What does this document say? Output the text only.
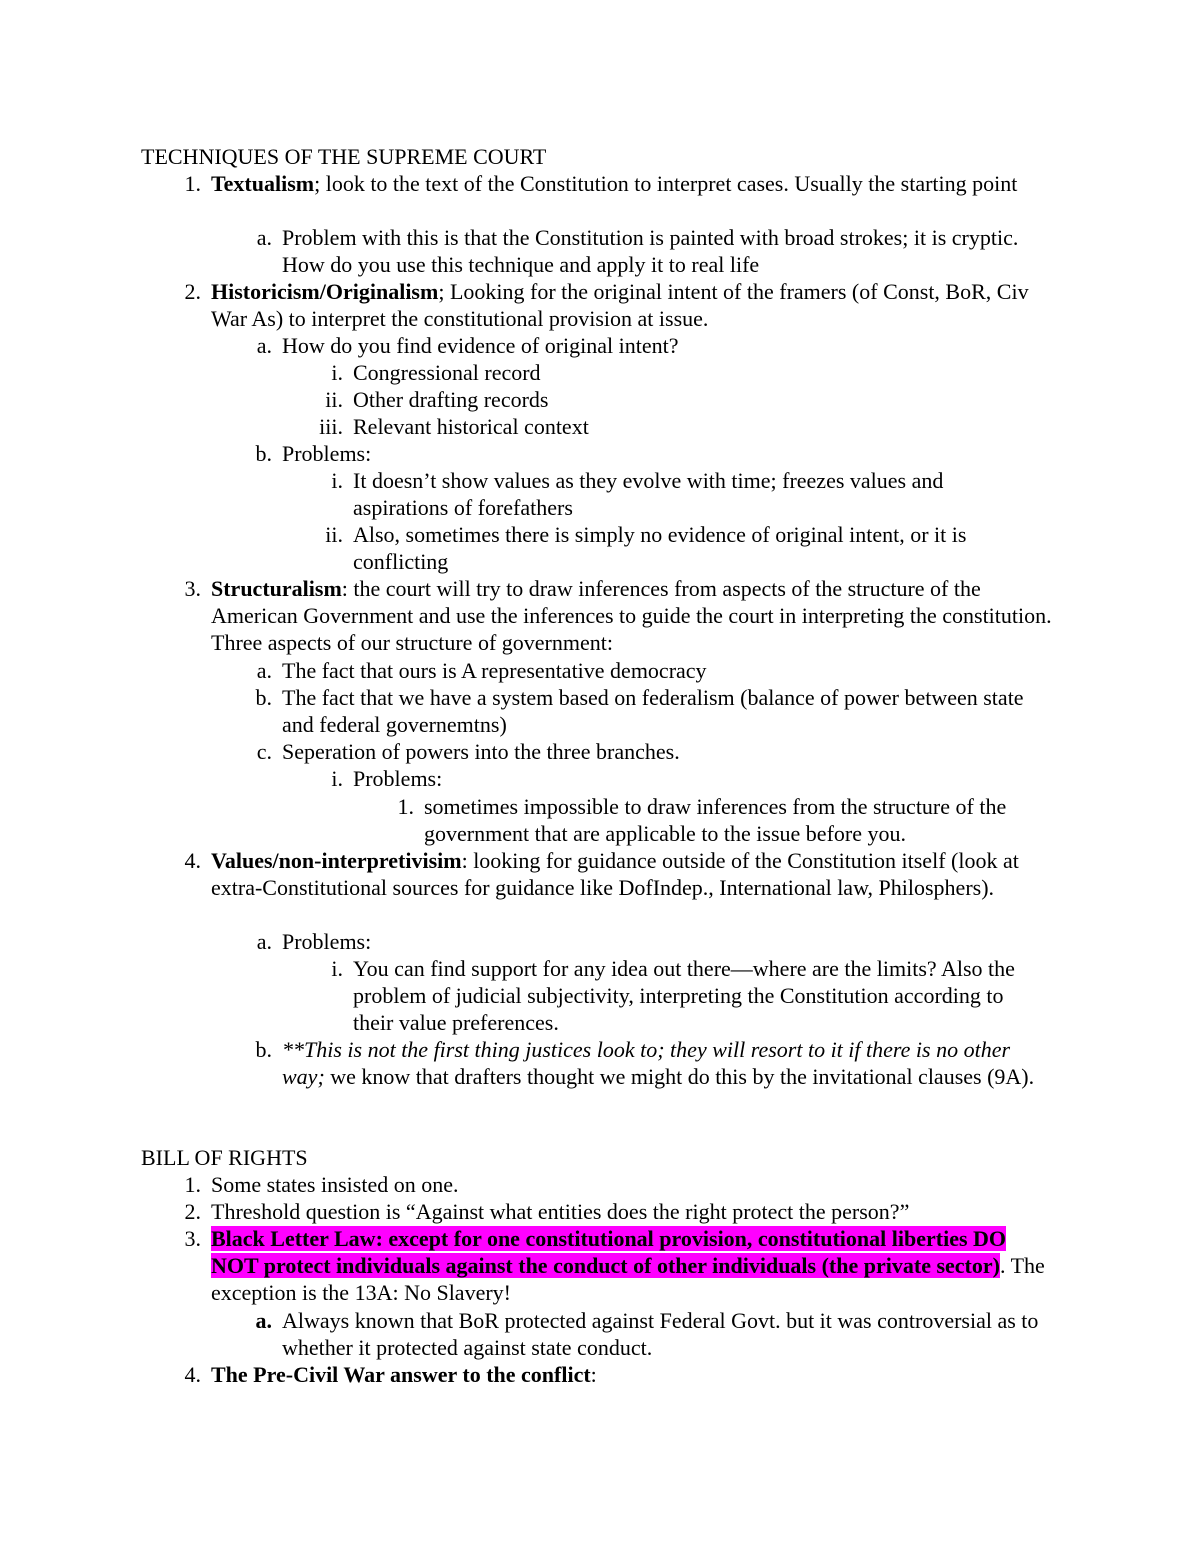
TECHNIQUES OF THE SUPREME COURT
1. Textualism; look to the text of the Constitution to interpret cases. Usually the starting point
a. Problem with this is that the Constitution is painted with broad strokes; it is cryptic. How do you use this technique and apply it to real life
2. Historicism/Originalism; Looking for the original intent of the framers (of Const, BoR, Civ War As) to interpret the constitutional provision at issue.
a. How do you find evidence of original intent?
i. Congressional record
ii. Other drafting records
iii. Relevant historical context
b. Problems:
i. It doesn’t show values as they evolve with time; freezes values and aspirations of forefathers
ii. Also, sometimes there is simply no evidence of original intent, or it is conflicting
3. Structuralism: the court will try to draw inferences from aspects of the structure of the American Government and use the inferences to guide the court in interpreting the constitution. Three aspects of our structure of government:
a. The fact that ours is A representative democracy
b. The fact that we have a system based on federalism (balance of power between state and federal governemtns)
c. Seperation of powers into the three branches.
i. Problems:
1. sometimes impossible to draw inferences from the structure of the government that are applicable to the issue before you.
4. Values/non-interpretivisim: looking for guidance outside of the Constitution itself (look at extra-Constitutional sources for guidance like DofIndep., International law, Philosphers).
a. Problems:
i. You can find support for any idea out there—where are the limits? Also the problem of judicial subjectivity, interpreting the Constitution according to their value preferences.
b. **This is not the first thing justices look to; they will resort to it if there is no other way; we know that drafters thought we might do this by the invitational clauses (9A).
BILL OF RIGHTS
1. Some states insisted on one.
2. Threshold question is “Against what entities does the right protect the person?”
3. Black Letter Law: except for one constitutional provision, constitutional liberties DO NOT protect individuals against the conduct of other individuals (the private sector). The exception is the 13A: No Slavery!
a. Always known that BoR protected against Federal Govt. but it was controversial as to whether it protected against state conduct.
4. The Pre-Civil War answer to the conflict:
